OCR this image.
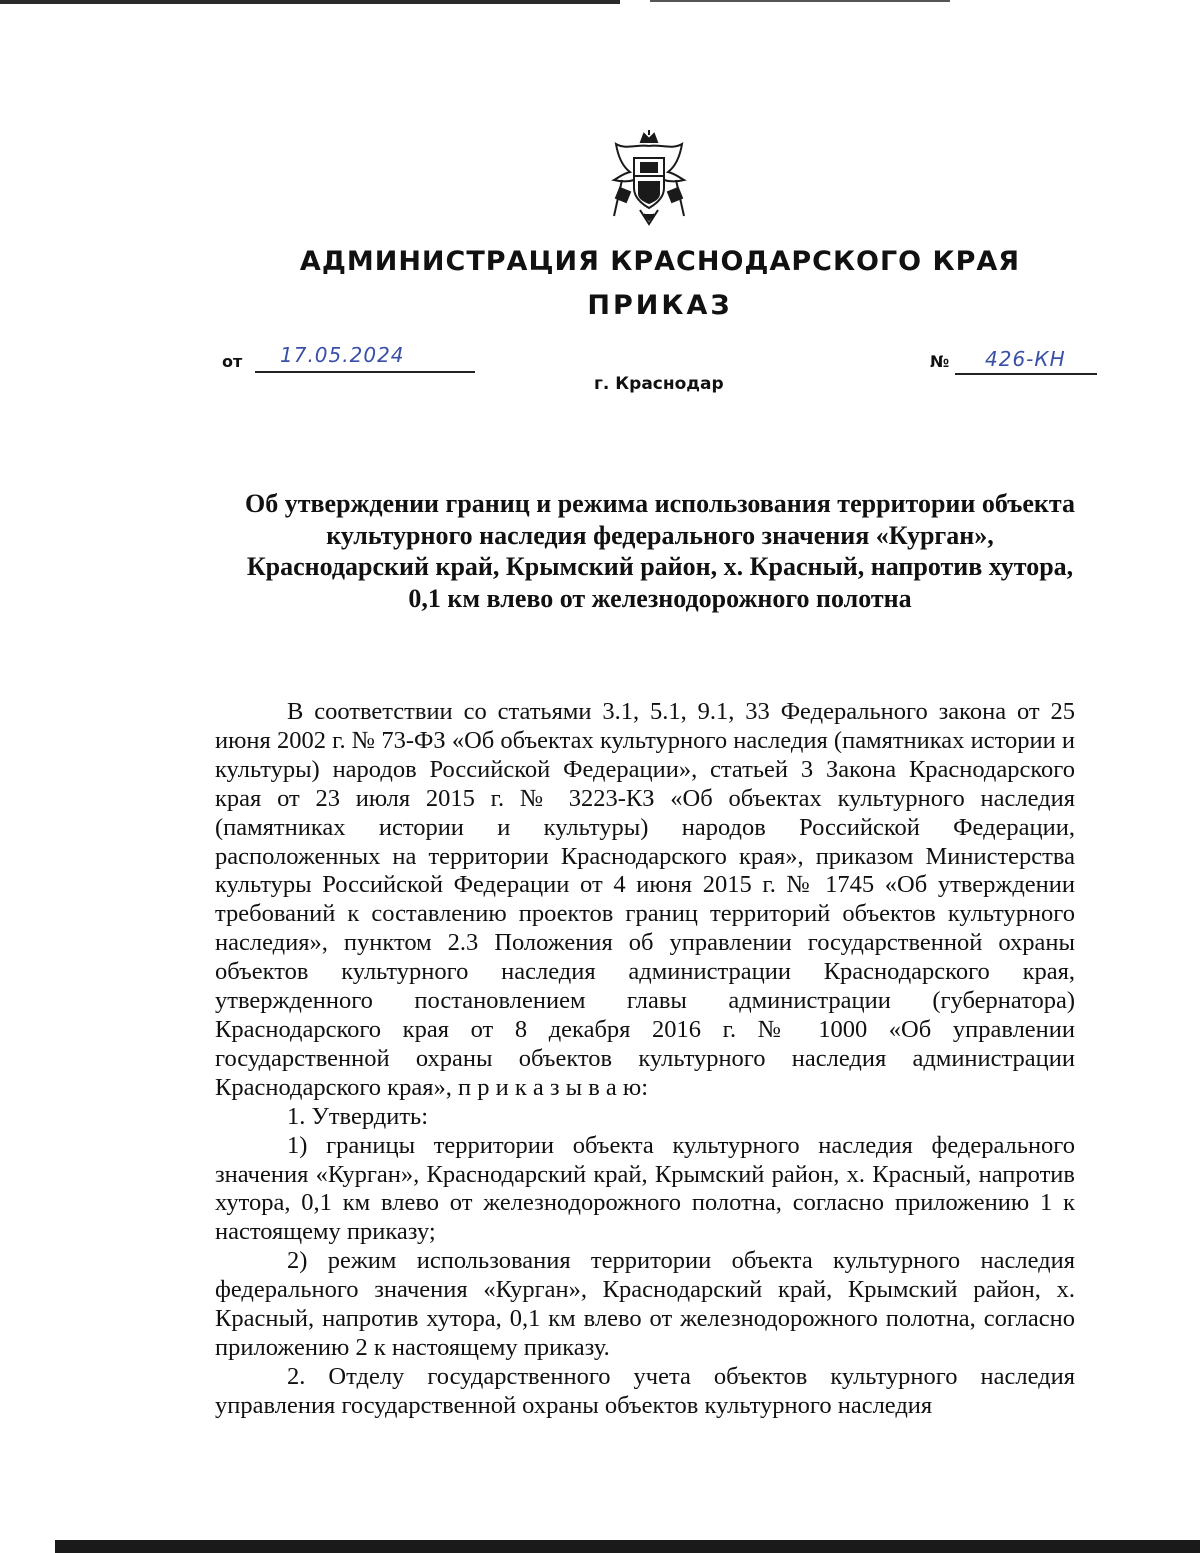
АДМИНИСТРАЦИЯ КРАСНОДАРСКОГО КРАЯ
ПРИКАЗ
от 17.05.2024	№ 426-КН
г. Краснодар
Об утверждении границ и режима использования территории объекта культурного наследия федерального значения «Курган», Краснодарский край, Крымский район, х. Красный, напротив хутора, 0,1 км влево от железнодорожного полотна

В соответствии со статьями 3.1, 5.1, 9.1, 33 Федерального закона от 25 июня 2002 г. № 73-ФЗ «Об объектах культурного наследия (памятниках истории и культуры) народов Российской Федерации», статьей 3 Закона Краснодарского края от 23 июля 2015 г. № 3223-КЗ «Об объектах культурного наследия (памятниках истории и культуры) народов Российской Федерации, расположенных на территории Краснодарского края», приказом Министерства культуры Российской Федерации от 4 июня 2015 г. № 1745 «Об утверждении требований к составлению проектов границ территорий объектов культурного наследия», пунктом 2.3 Положения об управлении государственной охраны объектов культурного наследия администрации Краснодарского края, утвержденного постановлением главы администрации (губернатора) Краснодарского края от 8 декабря 2016 г. № 1000 «Об управлении государственной охраны объектов культурного наследия администрации Краснодарского края», п р и к а з ы в а ю:

1. Утвердить:

1) границы территории объекта культурного наследия федерального значения «Курган», Краснодарский край, Крымский район, х. Красный, напротив хутора, 0,1 км влево от железнодорожного полотна, согласно приложению 1 к настоящему приказу;

2) режим использования территории объекта культурного наследия федерального значения «Курган», Краснодарский край, Крымский район, х. Красный, напротив хутора, 0,1 км влево от железнодорожного полотна, согласно приложению 2 к настоящему приказу.

2. Отделу государственного учета объектов культурного наследия управления государственной охраны объектов культурного наследия
